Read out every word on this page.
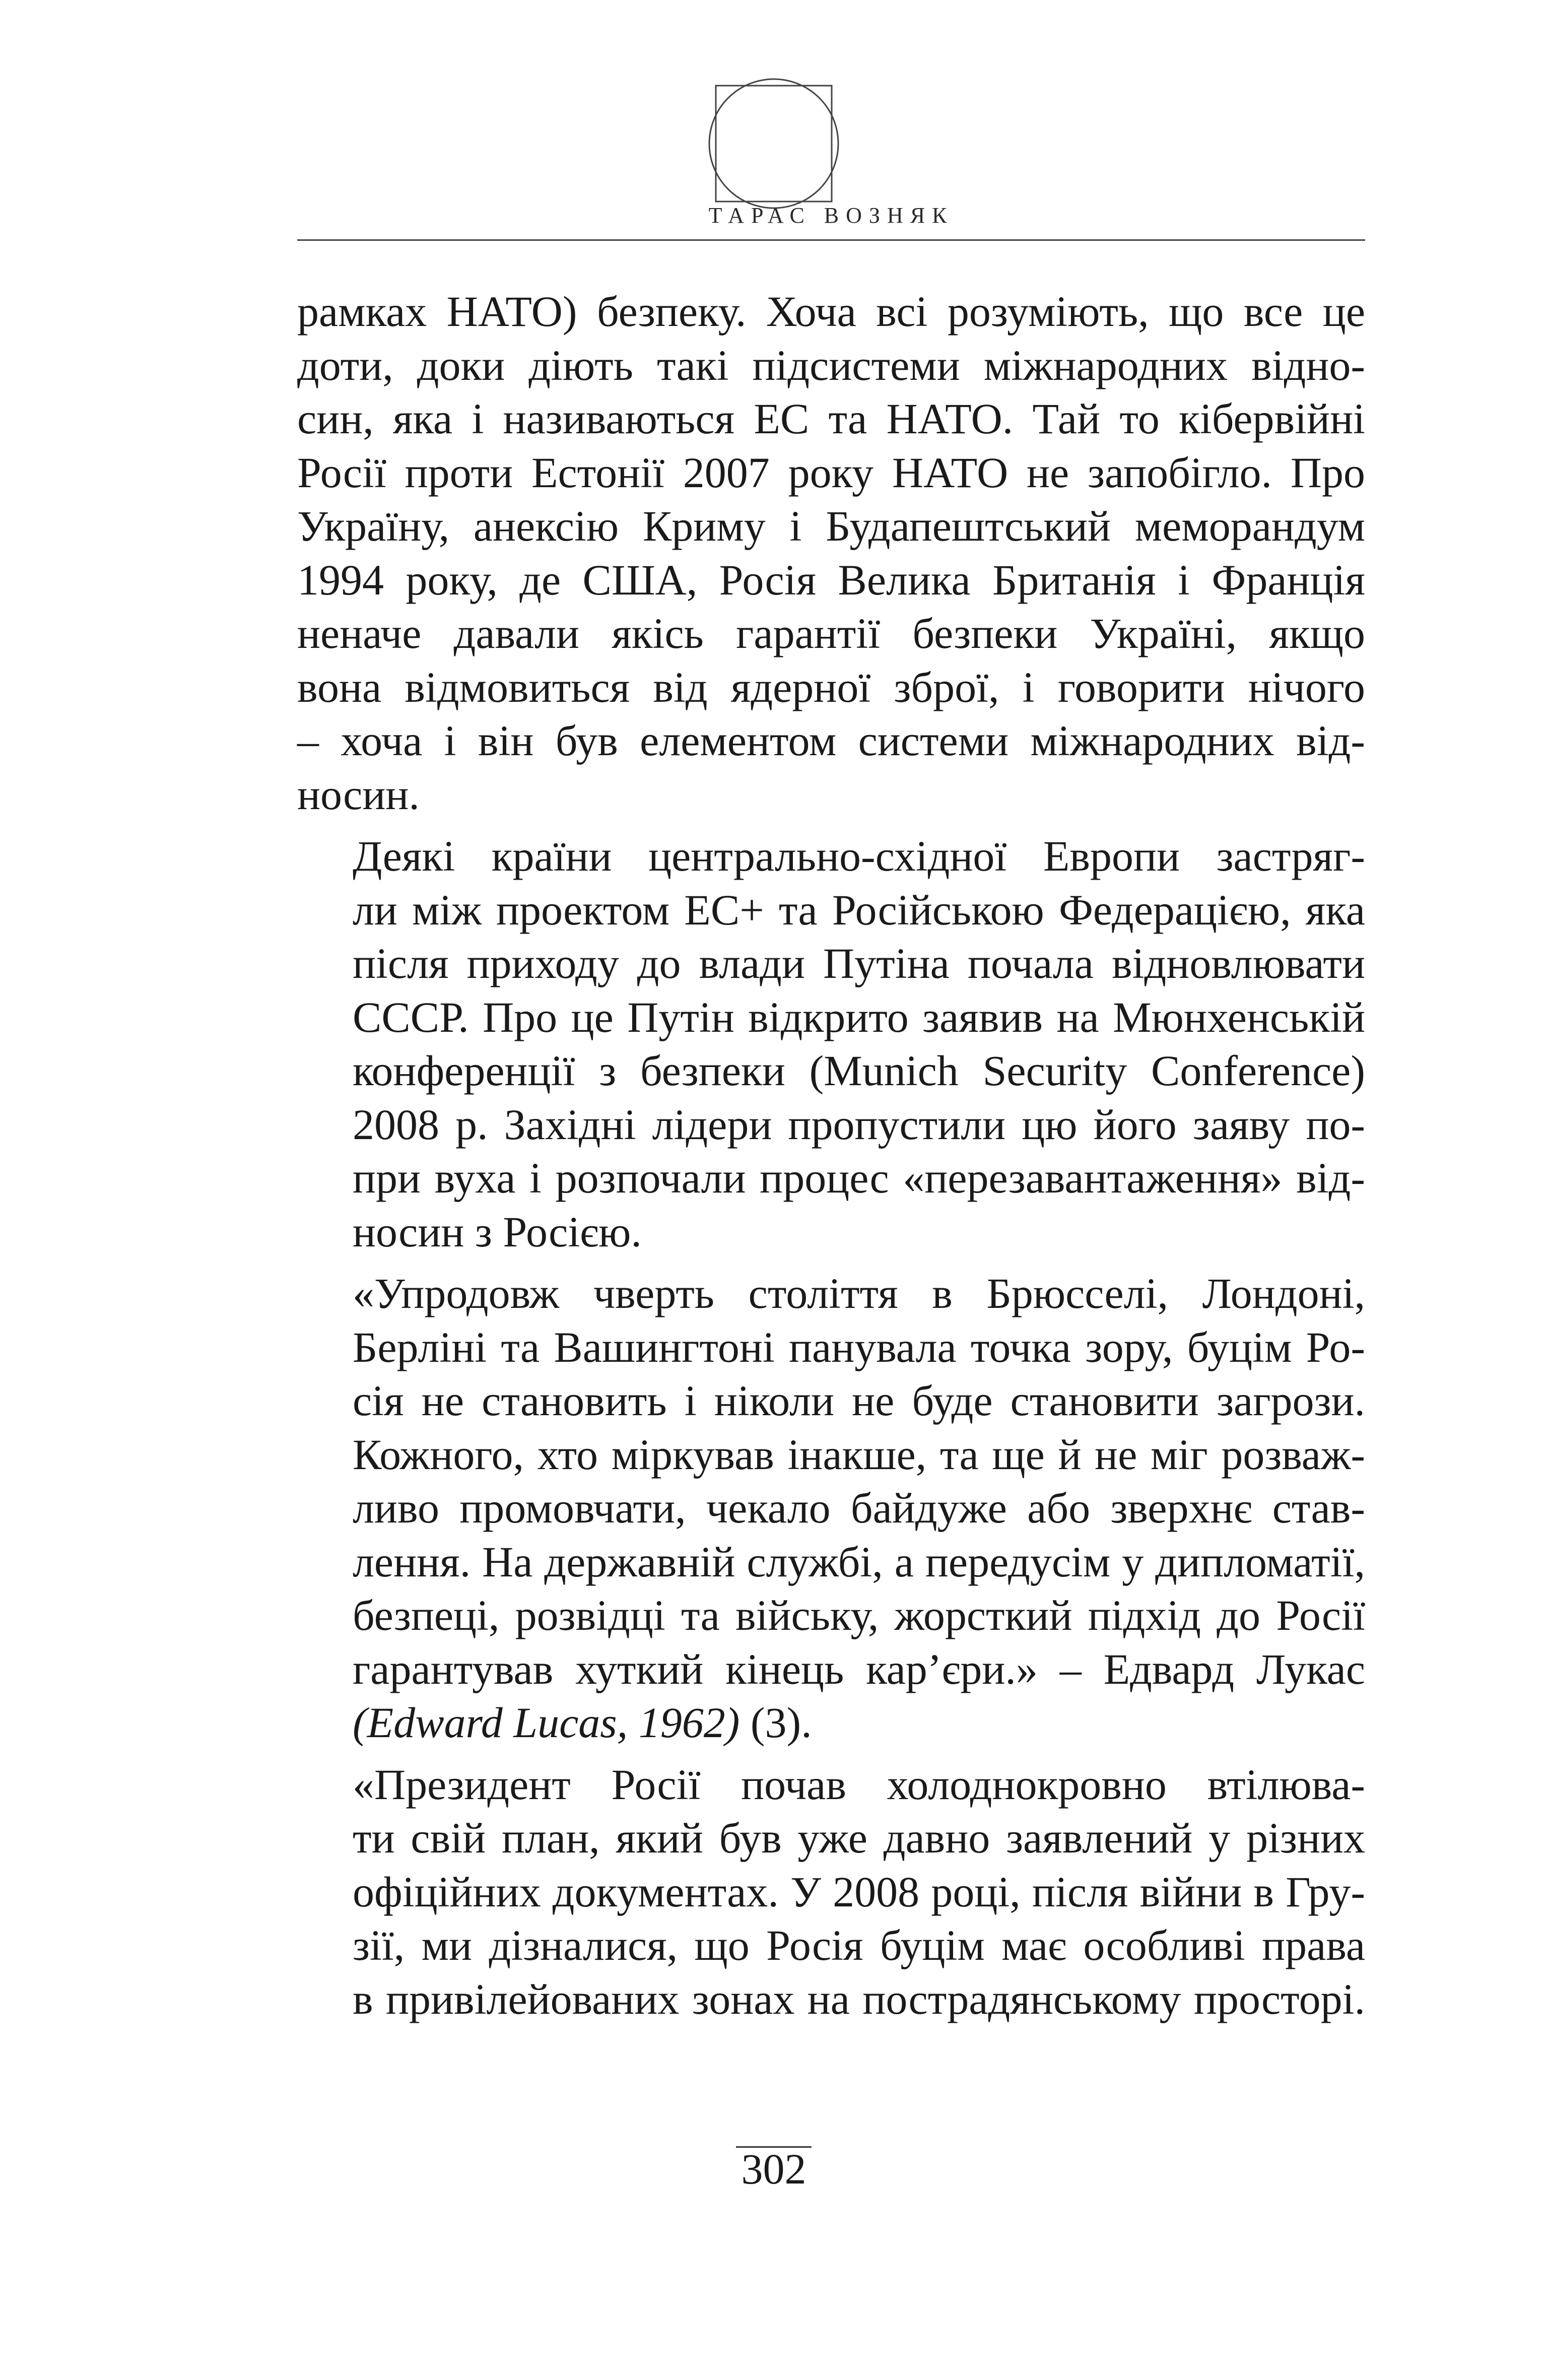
ТАРАС ВОЗНЯК

рамках НАТО) безпеку. Хоча всі розуміють, що все це
доти, доки діють такі підсистеми міжнародних відно-
син, яка і називаються ЕС та НАТО. Тай то кібервійні
Росії проти Естонії 2007 року НАТО не запобігло. Про
Україну, анексію Криму і Будапештський меморандум
1994 року, де США, Росія Велика Британія і Франція
неначе давали якісь гарантії безпеки Україні, якщо
вона відмовиться від ядерної зброї, і говорити нічого
– хоча і він був елементом системи міжнародних від-
носин.

Деякі країни центрально-східної Европи застряг-
ли між проектом ЕС+ та Російською Федерацією, яка
після приходу до влади Путіна почала відновлювати
СССР. Про це Путін відкрито заявив на Мюнхенській
конференції з безпеки (Munich Security Conference)
2008 р. Західні лідери пропустили цю його заяву по-
при вуха і розпочали процес «перезавантаження» від-
носин з Росією.

«Упродовж чверть століття в Брюсселі, Лондоні,
Берліні та Вашингтоні панувала точка зору, буцім Ро-
сія не становить і ніколи не буде становити загрози.
Кожного, хто міркував інакше, та ще й не міг розваж-
ливо промовчати, чекало байдуже або зверхнє став-
лення. На державній службі, а передусім у дипломатії,
безпеці, розвідці та війську, жорсткий підхід до Росії
гарантував хуткий кінець кар’єри.» – Едвард Лукас
(Edward Lucas, 1962) (3).

«Президент Росії почав холоднокровно втілюва-
ти свій план, який був уже давно заявлений у різних
офіційних документах. У 2008 році, після війни в Гру-
зії, ми дізналися, що Росія буцім має особливі права
в привілейованих зонах на пострадянському просторі.

302
